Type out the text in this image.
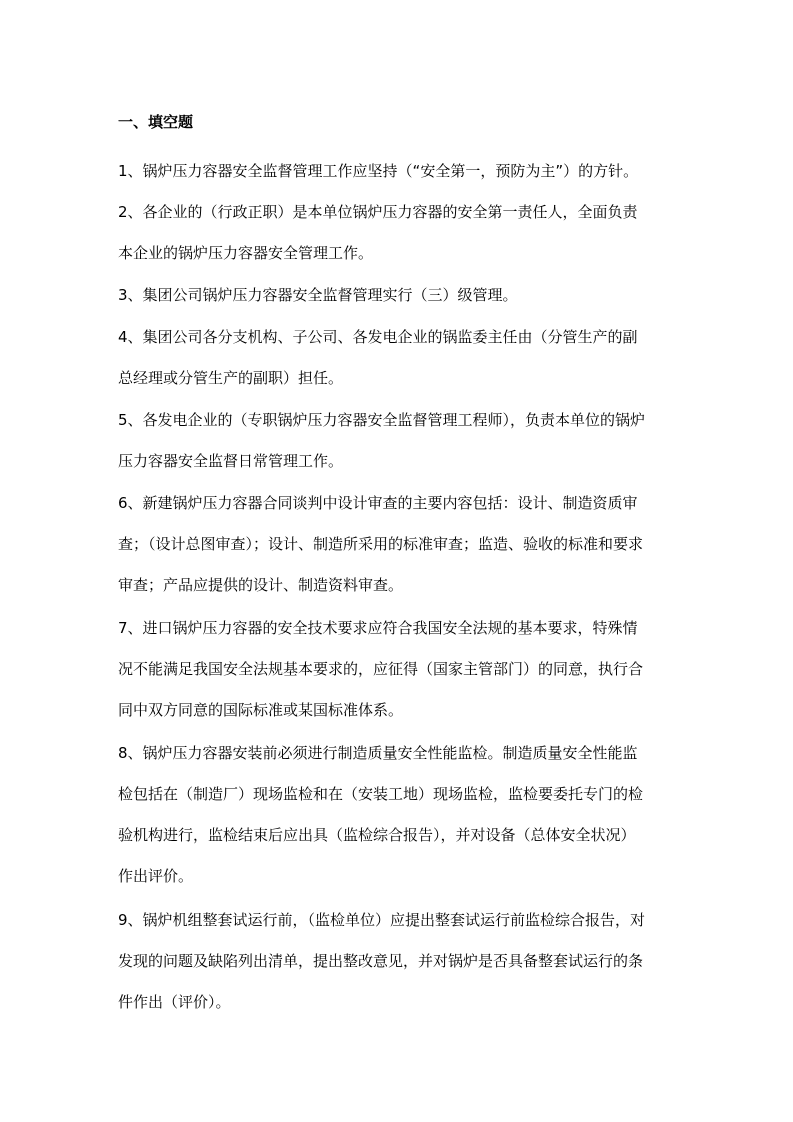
一、填空题
1、锅炉压力容器安全监督管理工作应坚持（“安全第一，预防为主”）的方针。
2、各企业的（行政正职）是本单位锅炉压力容器的安全第一责任人，全面负责
本企业的锅炉压力容器安全管理工作。
3、集团公司锅炉压力容器安全监督管理实行（三）级管理。
4、集团公司各分支机构、子公司、各发电企业的锅监委主任由（分管生产的副
总经理或分管生产的副职）担任。
5、各发电企业的（专职锅炉压力容器安全监督管理工程师），负责本单位的锅炉
压力容器安全监督日常管理工作。
6、新建锅炉压力容器合同谈判中设计审查的主要内容包括：设计、制造资质审
查；（设计总图审查）；设计、制造所采用的标准审查；监造、验收的标准和要求
审查；产品应提供的设计、制造资料审查。
7、进口锅炉压力容器的安全技术要求应符合我国安全法规的基本要求，特殊情
况不能满足我国安全法规基本要求的，应征得（国家主管部门）的同意，执行合
同中双方同意的国际标准或某国标准体系。
8、锅炉压力容器安装前必须进行制造质量安全性能监检。制造质量安全性能监
检包括在（制造厂）现场监检和在（安装工地）现场监检，监检要委托专门的检
验机构进行，监检结束后应出具（监检综合报告），并对设备（总体安全状况）
作出评价。
9、锅炉机组整套试运行前，（监检单位）应提出整套试运行前监检综合报告，对
发现的问题及缺陷列出清单，提出整改意见，并对锅炉是否具备整套试运行的条
件作出（评价）。
